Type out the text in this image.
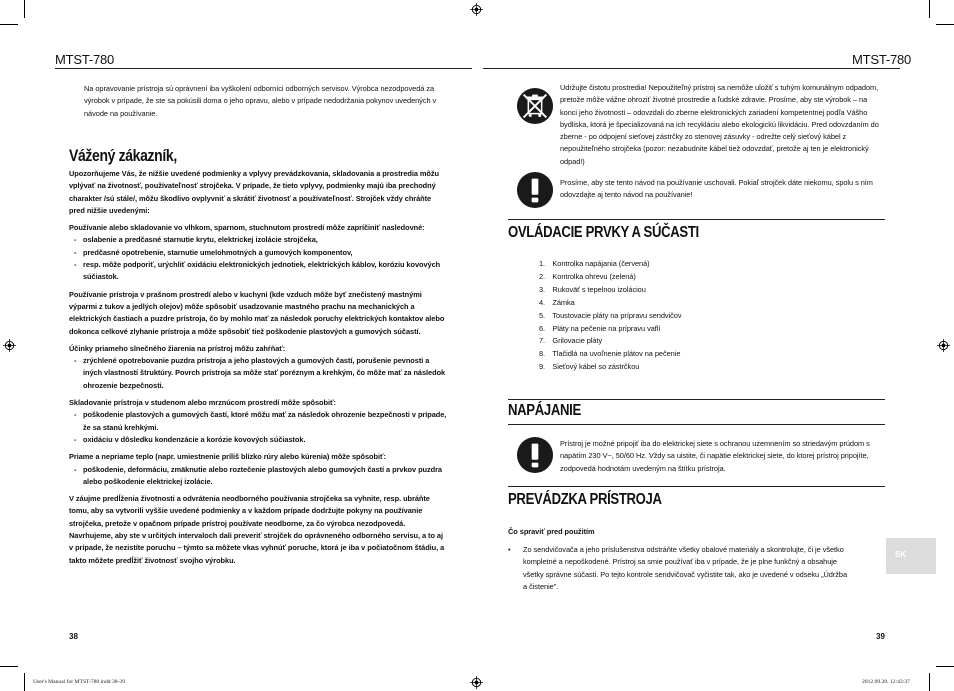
MTST-780
Na opravovanie prístroja sú oprávnení iba vyškolení odborníci odborných servisov. Výrobca nezodpovedá za výrobok v prípade, že ste sa pokúsili doma o jeho opravu, alebo v prípade nedodržania pokynov uvedených v návode na používanie.
Vážený zákazník,
Upozorňujeme Vás, že nižšie uvedené podmienky a vplyvy prevádzkovania, skladovania a prostredia môžu vplývať na životnosť, používateľnosť strojčeka. V prípade, že tieto vplyvy, podmienky majú iba prechodný charakter /sú stále/, môžu škodlivo ovplyvniť a skrátiť životnosť a používateľnosť. Strojček vždy chráňte pred nižšie uvedenými:
Používanie alebo skladovanie vo vlhkom, sparnom, stuchnutom prostredí môže zapríčiniť nasledovné:
- oslabenie a predčasné starnutie krytu, elektrickej izolácie strojčeka,
- predčasné opotrebenie, starnutie umelohmotných a gumových komponentov,
- resp. môže podporiť, urýchliť oxidáciu elektronických jednotiek, elektrických káblov, koróziu kovových súčiastok.
Používanie prístroja v prašnom prostredí alebo v kuchyni (kde vzduch môže byť znečistený mastnými výparmi z tukov a jedlých olejov) môže spôsobiť usadzovanie mastného prachu na mechanických a elektrických častiach a puzdre prístroja, čo by mohlo mať za následok poruchy elektrických kontaktov alebo dokonca celkové zlyhanie prístroja a môže spôsobiť tiež poškodenie plastových a gumových súčastí.
Účinky priameho slnečného žiarenia na prístroj môžu zahŕňať:
- zrýchlené opotrebovanie puzdra prístroja a jeho plastových a gumových častí, porušenie pevnosti a iných vlastností štruktúry. Povrch prístroja sa môže stať poréznym a krehkým, čo môže mať za následok ohrozenie bezpečnosti.
Skladovanie prístroja v studenom alebo mrznúcom prostredí môže spôsobiť:
- poškodenie plastových a gumových častí, ktoré môžu mať za následok ohrozenie bezpečnosti v prípade, že sa stanú krehkými.
- oxidáciu v dôsledku kondenzácie a korózie kovových súčiastok.
Priame a nepriame teplo (napr. umiestnenie príliš blízko rúry alebo kúrenia) môže spôsobiť:
- poškodenie, deformáciu, zmäknutie alebo roztečenie plastových alebo gumových častí a prvkov puzdra alebo poškodenie elektrickej izolácie.
V záujme predĺženia životnosti a odvrátenia neodborného používania strojčeka sa vyhnite, resp. ubráňte tomu, aby sa vytvorili vyššie uvedené podmienky a v každom prípade dodržujte pokyny na používanie strojčeka, pretože v opačnom prípade prístroj používate neodborne, za čo výrobca nezodpovedá. Navrhujeme, aby ste v určitých intervaloch dali preveriť strojček do oprávneného odborného servisu, a to aj v prípade, že nezistíte poruchu – týmto sa môžete vkas vyhnúť poruche, ktorá je iba v počiatočnom štádiu, a takto môžete predĺžiť životnosť svojho výrobku.
38
User's Manual for MTST-780.indd 38-39
MTST-780
Udržujte čistotu prostredia! Nepoužiteľný prístroj sa nemôže uložiť s tuhým komunálnym odpadom, pretože môže vážne ohroziť životné prostredie a ľudské zdravie. Prosíme, aby ste výrobok – na konci jeho životnosti – odovzdali do zberne elektronických zariadení kompetentnej podľa Vášho bydliska, ktorá je špecializovaná na ich recykláciu alebo ekologickú likvidáciu. Pred odovzdaním do zberne - po odpojení sieťovej zástrčky zo stenovej zásuvky - odrežte celý sieťový kábel z nepoužiteľného strojčeka (pozor: nezabudnite kábel tiež odovzdať, pretože aj ten je elektronický odpad!)
Prosíme, aby ste tento návod na používanie uschovali. Pokiaľ strojček dáte niekomu, spolu s ním odovzdajte aj tento návod na používanie!
OVLÁDACIE PRVKY A SÚČASTI
1. Kontrolka napájania (červená)
2. Kontrolka ohrevu (zelená)
3. Rukoväť s tepelnou izoláciou
4. Zámka
5. Toustovacie pláty na prípravu sendvičov
6. Pláty na pečenie na prípravu vaflí
7. Grilovacie pláty
8. Tlačidlá na uvoľnenie plátov na pečenie
9. Sieťový kábel so zástrčkou
NAPÁJANIE
Prístroj je možné pripojiť iba do elektrickej siete s ochranou uzemnením so striedavým prúdom s napätím 230 V~, 50/60 Hz. Vždy sa uistite, či napätie elektrickej siete, do ktorej prístroj pripojíte, zodpovedá hodnotám uvedeným na štítku prístroja.
PREVÁDZKA PRÍSTROJA
Čo spraviť pred použitím
• Zo sendvičovača a jeho príslušenstva odstráňte všetky obalové materiály a skontrolujte, či je všetko kompletné a nepoškodené. Prístroj sa smie používať iba v prípade, že je plne funkčný a obsahuje všetky správne súčasti. Po tejto kontrole sendvičovač vyčistite tak, ako je uvedené v odseku „Údržba a čistenie".
SK
39
2012.09.20. 12:43:37
